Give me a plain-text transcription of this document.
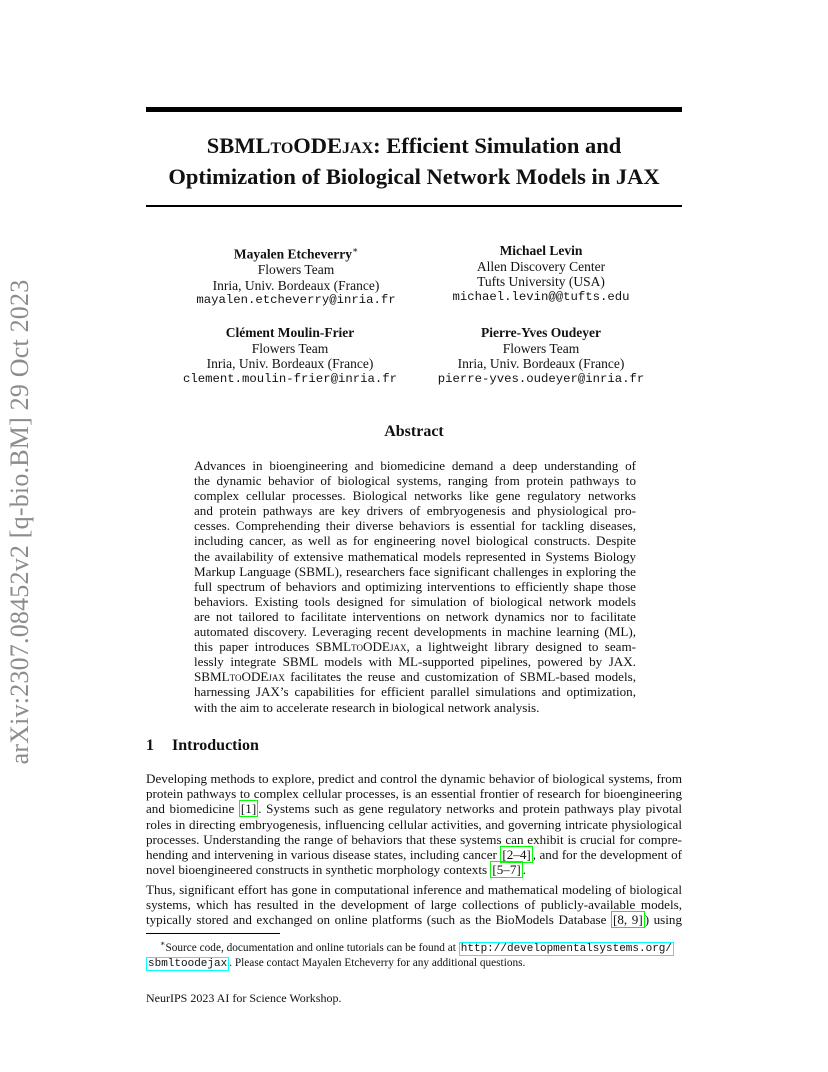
arXiv:2307.08452v2 [q-bio.BM] 29 Oct 2023
SBMLtoODEjax: Efficient Simulation and
Optimization of Biological Network Models in JAX
Mayalen Etcheverry∗
Flowers Team
Inria, Univ. Bordeaux (France)
mayalen.etcheverry@inria.fr
Michael Levin
Allen Discovery Center
Tufts University (USA)
michael.levin@@tufts.edu
Clément Moulin-Frier
Flowers Team
Inria, Univ. Bordeaux (France)
clement.moulin-frier@inria.fr
Pierre-Yves Oudeyer
Flowers Team
Inria, Univ. Bordeaux (France)
pierre-yves.oudeyer@inria.fr
Abstract
Advances in bioengineering and biomedicine demand a deep understanding of
the dynamic behavior of biological systems, ranging from protein pathways to
complex cellular processes. Biological networks like gene regulatory networks
and protein pathways are key drivers of embryogenesis and physiological pro-
cesses. Comprehending their diverse behaviors is essential for tackling diseases,
including cancer, as well as for engineering novel biological constructs. Despite
the availability of extensive mathematical models represented in Systems Biology
Markup Language (SBML), researchers face significant challenges in exploring the
full spectrum of behaviors and optimizing interventions to efficiently shape those
behaviors. Existing tools designed for simulation of biological network models
are not tailored to facilitate interventions on network dynamics nor to facilitate
automated discovery. Leveraging recent developments in machine learning (ML),
this paper introduces SBMLtoODEjax, a lightweight library designed to seam-
lessly integrate SBML models with ML-supported pipelines, powered by JAX.
SBMLtoODEjax facilitates the reuse and customization of SBML-based models,
harnessing JAX’s capabilities for efficient parallel simulations and optimization,
with the aim to accelerate research in biological network analysis.
1 Introduction
Developing methods to explore, predict and control the dynamic behavior of biological systems, from
protein pathways to complex cellular processes, is an essential frontier of research for bioengineering
and biomedicine [1] . Systems such as gene regulatory networks and protein pathways play pivotal
roles in directing embryogenesis, influencing cellular activities, and governing intricate physiological
processes. Understanding the range of behaviors that these systems can exhibit is crucial for compre-
hending and intervening in various disease states, including cancer [2–4] , and for the development of
novel bioengineered constructs in synthetic morphology contexts [5–7] .
Thus, significant effort has gone in computational inference and mathematical modeling of biological
systems, which has resulted in the development of large collections of publicly-available models,
typically stored and exchanged on online platforms (such as the BioModels Database [8, 9] ) using
∗Source code, documentation and online tutorials can be found at http://developmentalsystems.org/
sbmltoodejax . Please contact Mayalen Etcheverry for any additional questions.
NeurIPS 2023 AI for Science Workshop.
